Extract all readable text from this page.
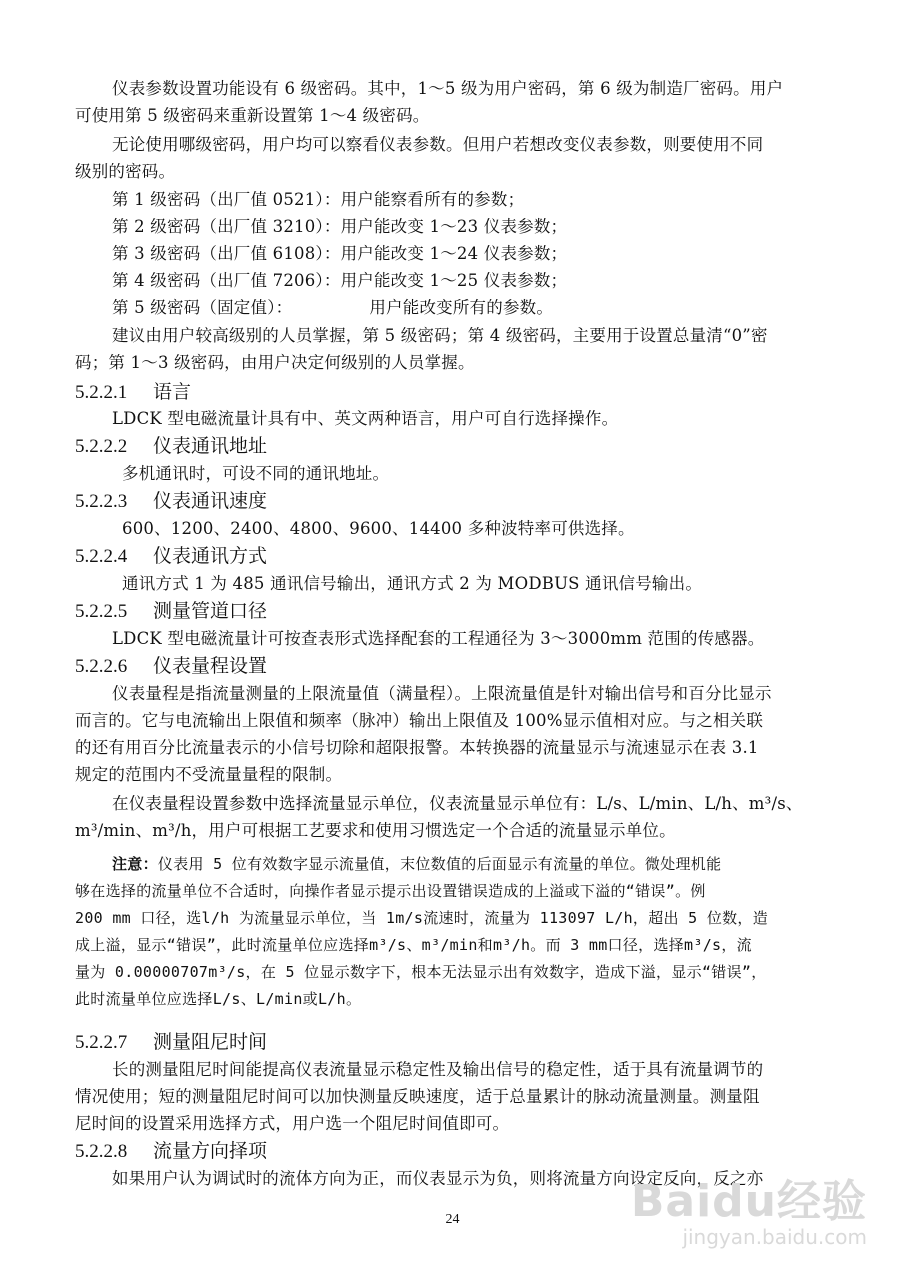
仪表参数设置功能设有 6 级密码。其中，1～5 级为用户密码，第 6 级为制造厂密码。用户
可使用第 5 级密码来重新设置第 1～4 级密码。
无论使用哪级密码，用户均可以察看仪表参数。但用户若想改变仪表参数，则要使用不同
级别的密码。
第 1 级密码（出厂值 0521）：用户能察看所有的参数；
第 2 级密码（出厂值 3210）：用户能改变 1～23 仪表参数；
第 3 级密码（出厂值 6108）：用户能改变 1～24 仪表参数；
第 4 级密码（出厂值 7206）：用户能改变 1～25 仪表参数；
第 5 级密码（固定值）：	用户能改变所有的参数。
建议由用户较高级别的人员掌握，第 5 级密码；第 4 级密码，主要用于设置总量清“0”密
码；第 1～3 级密码，由用户决定何级别的人员掌握。
5.2.2.1 语言
LDCK 型电磁流量计具有中、英文两种语言，用户可自行选择操作。
5.2.2.2 仪表通讯地址
多机通讯时，可设不同的通讯地址。
5.2.2.3 仪表通讯速度
600、1200、2400、4800、9600、14400 多种波特率可供选择。
5.2.2.4 仪表通讯方式
通讯方式 1 为 485 通讯信号输出，通讯方式 2 为 MODBUS 通讯信号输出。
5.2.2.5 测量管道口径
LDCK 型电磁流量计可按查表形式选择配套的工程通径为 3～3000mm 范围的传感器。
5.2.2.6 仪表量程设置
仪表量程是指流量测量的上限流量值（满量程）。上限流量值是针对输出信号和百分比显示
而言的。它与电流输出上限值和频率（脉冲）输出上限值及 100%显示值相对应。与之相关联
的还有用百分比流量表示的小信号切除和超限报警。本转换器的流量显示与流速显示在表 3.1
规定的范围内不受流量量程的限制。
在仪表量程设置参数中选择流量显示单位，仪表流量显示单位有：L/s、L/min、L/h、m³/s、
m³/min、m³/h，用户可根据工艺要求和使用习惯选定一个合适的流量显示单位。
注意：仪表用 5 位有效数字显示流量值，末位数值的后面显示有流量的单位。微处理机能
够在选择的流量单位不合适时，向操作者显示提示出设置错误造成的上溢或下溢的“错误”。例
200 mm 口径，选l/h 为流量显示单位，当 1m/s流速时，流量为 113097 L/h，超出 5 位数，造
成上溢，显示“错误”，此时流量单位应选择m³/s、m³/min和m³/h。而 3 mm口径，选择m³/s，流
量为 0.00000707m³/s，在 5 位显示数字下，根本无法显示出有效数字，造成下溢，显示“错误”，
此时流量单位应选择L/s、L/min或L/h。
5.2.2.7 测量阻尼时间
长的测量阻尼时间能提高仪表流量显示稳定性及输出信号的稳定性，适于具有流量调节的
情况使用；短的测量阻尼时间可以加快测量反映速度，适于总量累计的脉动流量测量。测量阻
尼时间的设置采用选择方式，用户选一个阻尼时间值即可。
5.2.2.8 流量方向择项
如果用户认为调试时的流体方向为正，而仪表显示为负，则将流量方向设定反向，反之亦
24	Baidu经验
jingyan.baidu.com
